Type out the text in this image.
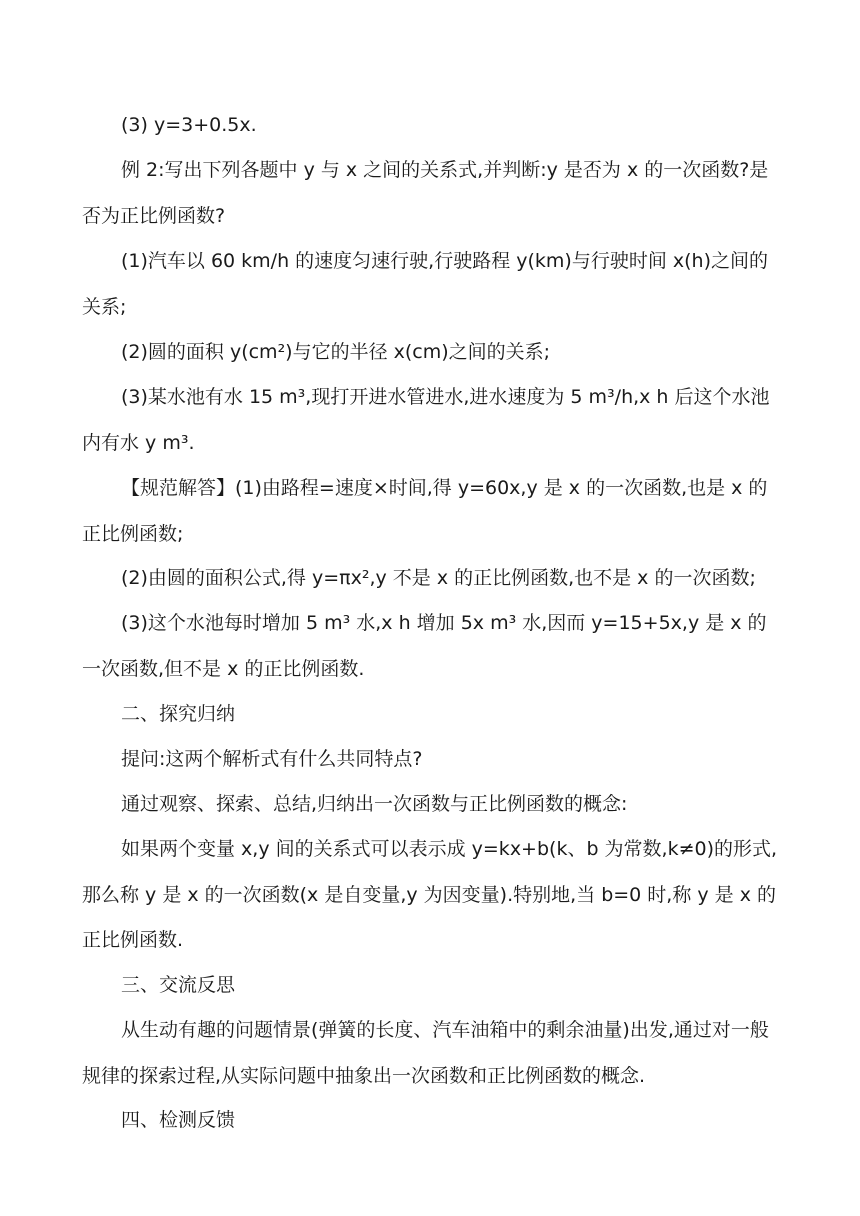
(3) y=3+0.5x.

例 2:写出下列各题中 y 与 x 之间的关系式,并判断:y 是否为 x 的一次函数?是否为正比例函数?

(1)汽车以 60 km/h 的速度匀速行驶,行驶路程 y(km)与行驶时间 x(h)之间的关系;

(2)圆的面积 y(cm²)与它的半径 x(cm)之间的关系;

(3)某水池有水 15 m³,现打开进水管进水,进水速度为 5 m³/h,x h 后这个水池内有水 y m³.

【规范解答】(1)由路程=速度×时间,得 y=60x,y 是 x 的一次函数,也是 x 的正比例函数;

(2)由圆的面积公式,得 y=πx²,y 不是 x 的正比例函数,也不是 x 的一次函数;

(3)这个水池每时增加 5 m³ 水,x h 增加 5x m³ 水,因而 y=15+5x,y 是 x 的一次函数,但不是 x 的正比例函数.

二、探究归纳

提问:这两个解析式有什么共同特点?

通过观察、探索、总结,归纳出一次函数与正比例函数的概念:

如果两个变量 x,y 间的关系式可以表示成 y=kx+b(k、b 为常数,k≠0)的形式,那么称 y 是 x 的一次函数(x 是自变量,y 为因变量).特别地,当 b=0 时,称 y 是 x 的正比例函数.

三、交流反思

从生动有趣的问题情景(弹簧的长度、汽车油箱中的剩余油量)出发,通过对一般规律的探索过程,从实际问题中抽象出一次函数和正比例函数的概念.

四、检测反馈
